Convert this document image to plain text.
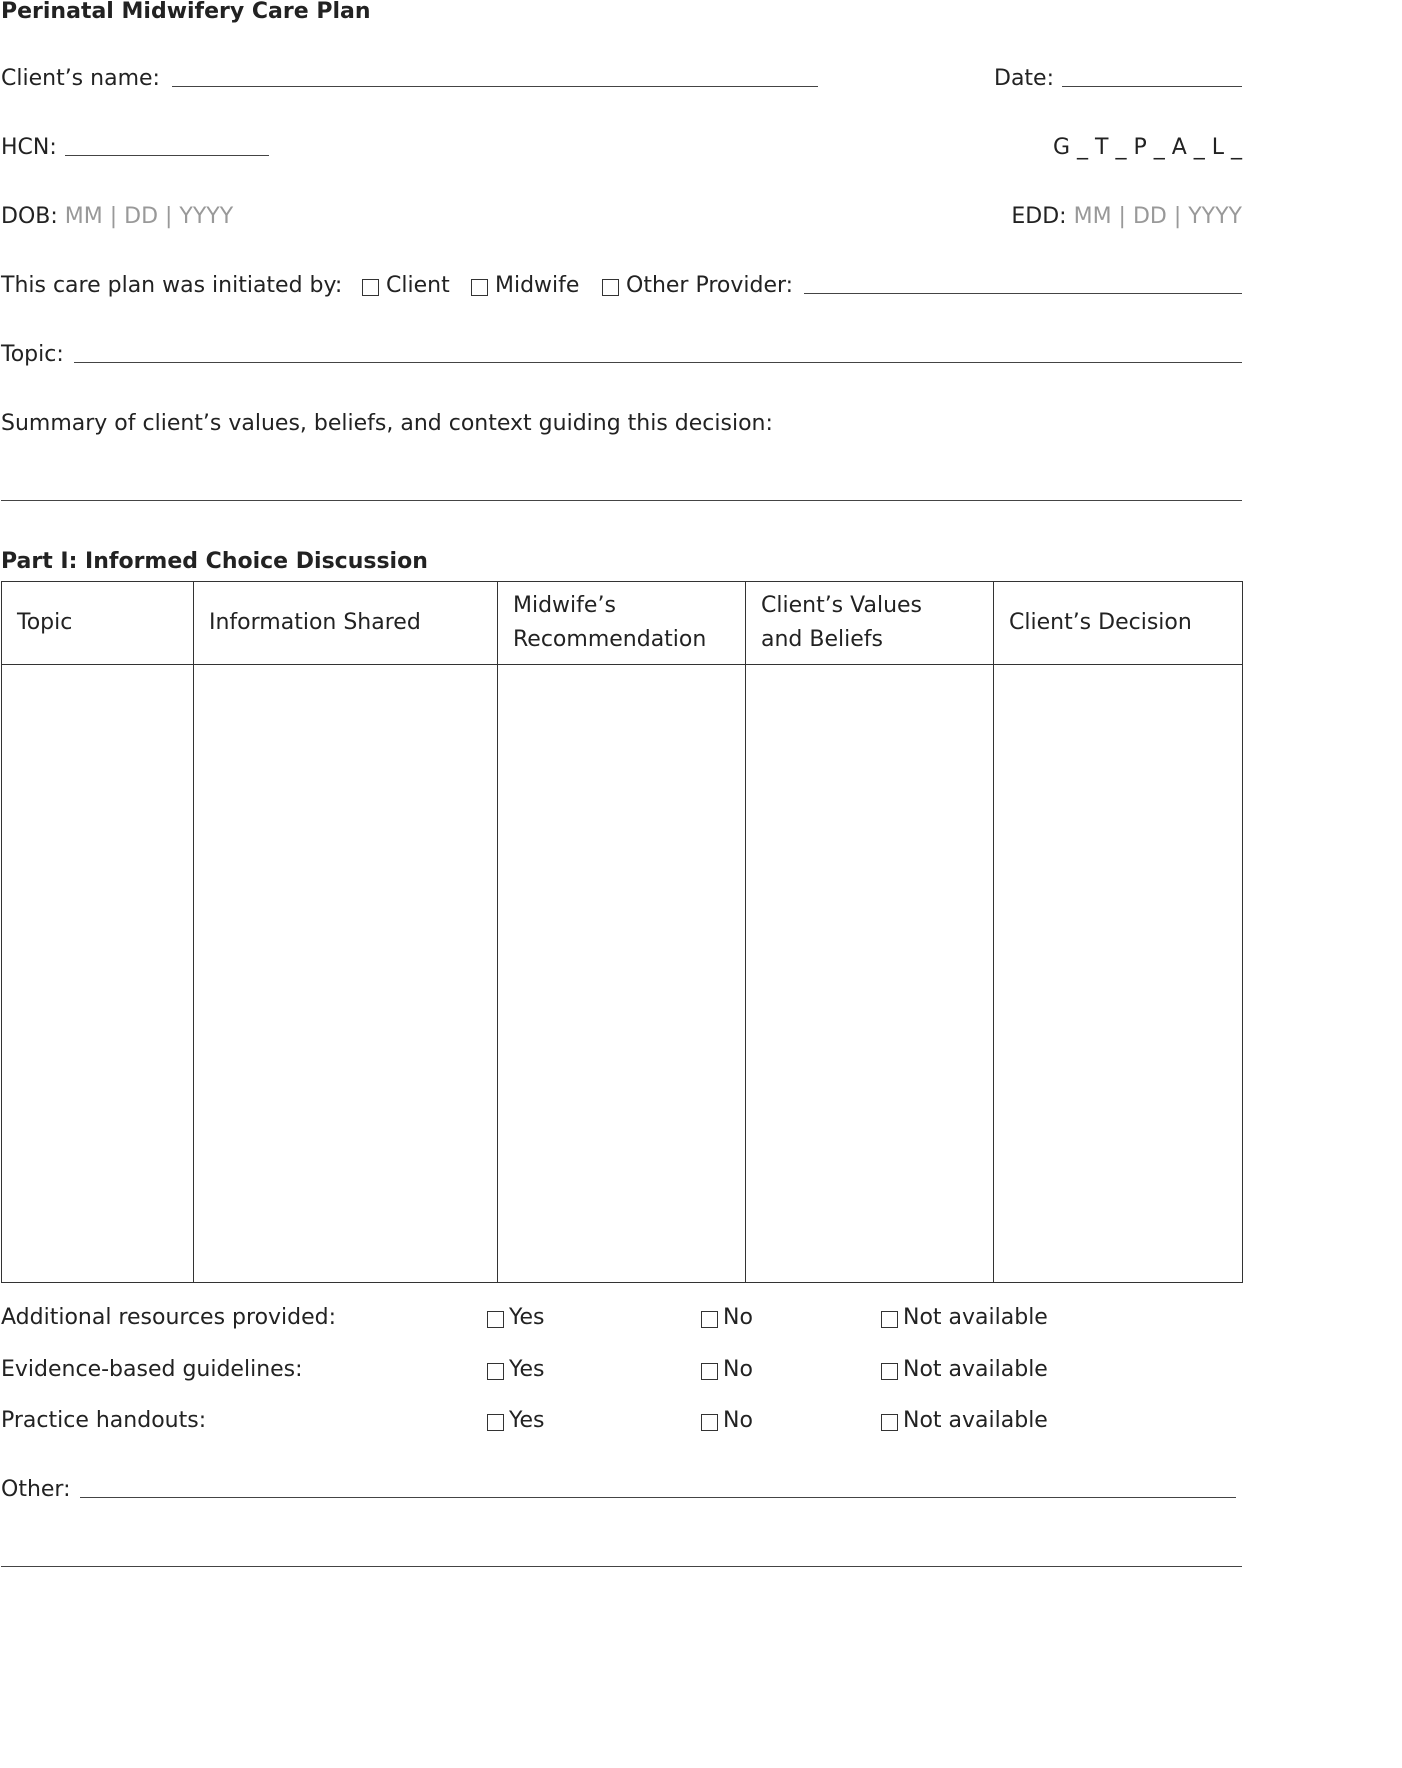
Perinatal Midwifery Care Plan
Client’s name:	Date:
HCN:	G _ T _ P _ A _ L _
DOB: MM | DD | YYYY	EDD: MM | DD | YYYY
This care plan was initiated by: Client Midwife Other Provider:
Topic:
Summary of client’s values, beliefs, and context guiding this decision:
Part I: Informed Choice Discussion
Topic	Information Shared	Midwife’s Recommendation	Client’s Values and Beliefs	Client’s Decision

Additional resources provided:	Yes	No	Not available
Evidence-based guidelines:	Yes	No	Not available
Practice handouts:	Yes	No	Not available
Other:
